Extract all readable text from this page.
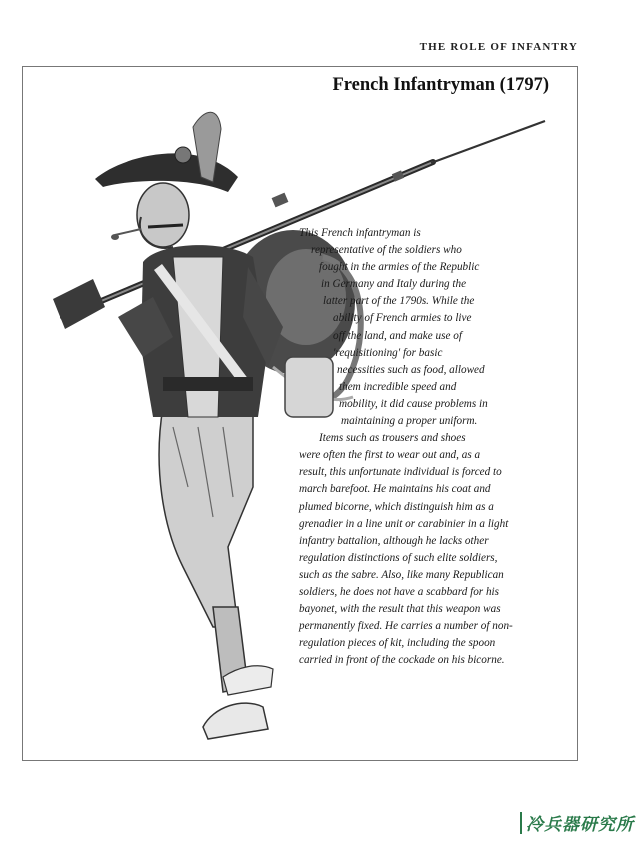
THE ROLE OF INFANTRY
French Infantryman (1797)
This French infantryman is
representative of the soldiers who
fought in the armies of the Republic
in Germany and Italy during the
latter part of the 1790s. While the
ability of French armies to live
off the land, and make use of
'requisitioning' for basic
necessities such as food, allowed
them incredible speed and
mobility, it did cause problems in
maintaining a proper uniform.
Items such as trousers and shoes
were often the first to wear out and, as a
result, this unfortunate individual is forced to
march barefoot. He maintains his coat and
plumed bicorne, which distinguish him as a
grenadier in a line unit or carabinier in a light
infantry battalion, although he lacks other
regulation distinctions of such elite soldiers,
such as the sabre. Also, like many Republican
soldiers, he does not have a scabbard for his
bayonet, with the result that this weapon was
permanently fixed. He carries a number of non-
regulation pieces of kit, including the spoon
carried in front of the cockade on his bicorne.
冷兵器研究所
